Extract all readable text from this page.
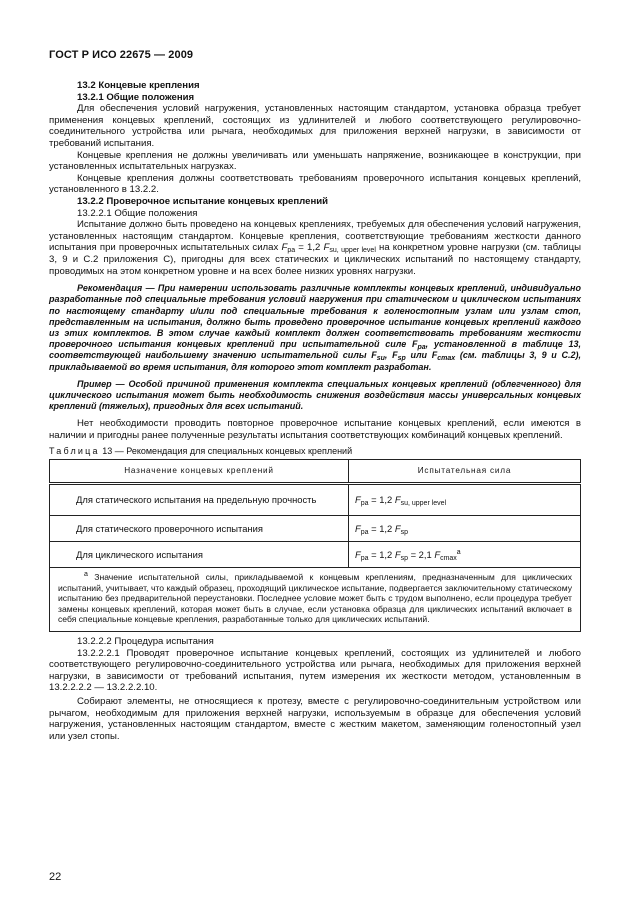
ГОСТ Р ИСО 22675 — 2009

13.2 Концевые крепления

13.2.1 Общие положения

Для обеспечения условий нагружения, установленных настоящим стандартом, установка образца требует применения концевых креплений, состоящих из удлинителей и любого соответствующего регулировочно-соединительного устройства или рычага, необходимых для приложения верхней нагрузки, в зависимости от требований испытания.

Концевые крепления не должны увеличивать или уменьшать напряжение, возникающее в конструкции, при установленных испытательных нагрузках.

Концевые крепления должны соответствовать требованиям проверочного испытания концевых креплений, установленного в 13.2.2.

13.2.2 Проверочное испытание концевых креплений

13.2.2.1 Общие положения

Испытание должно быть проведено на концевых креплениях, требуемых для обеспечения условий нагружения, установленных настоящим стандартом. Концевые крепления, соответствующие требованиям жесткости данного испытания при проверочных испытательных силах $F_{pa} = 1,2$ $F_{su, upper level}$ на конкретном уровне нагрузки (см. таблицы 3, 9 и С.2 приложения С), пригодны для всех статических и циклических испытаний по настоящему стандарту, проводимых на этом конкретном уровне и на всех более низких уровнях нагрузки.

Рекомендация — При намерении использовать различные комплекты концевых креплений, индивидуально разработанные под специальные требования условий нагружения при статическом и циклическом испытаниях по настоящему стандарту и/или под специальные требования к голеностопным узлам или узлам стоп, представленным на испытания, должно быть проведено проверочное испытание концевых креплений каждого из этих комплектов. В этом случае каждый комплект должен соответствовать требованиям жесткости проверочного испытания концевых креплений при испытательной силе $F_{pa}$, установленной в таблице 13, соответствующей наибольшему значению испытательной силы $F_{su}$, $F_{sp}$ или $F_{cmax}$ (см. таблицы 3, 9 и С.2), прикладываемой во время испытания, для которого этот комплект разработан.

Пример — Особой причиной применения комплекта специальных концевых креплений (облегченного) для циклического испытания может быть необходимость снижения воздействия массы универсальных концевых креплений (тяжелых), пригодных для всех испытаний.

Нет необходимости проводить повторное проверочное испытание концевых креплений, если имеются в наличии и пригодны ранее полученные результаты испытания соответствующих комбинаций концевых креплений.

Таблица 13 — Рекомендация для специальных концевых креплений

Назначение концевых креплений	Испытательная сила

Для статического испытания на предельную прочность	$F_{pa} = 1,2$ $F_{su, upper level}$

Для статического проверочного испытания	$F_{pa} = 1,2$ $F_{sp}$

Для циклического испытания	$F_{pa} = 1,2$ $F_{sp} = 2,1$ $F_{cmax}^a$

$^a$ Значение испытательной силы, прикладываемой к концевым креплениям, предназначенным для циклических испытаний, учитывает, что каждый образец, проходящий циклическое испытание, подвергается заключительному статическому испытанию без предварительной переустановки. Последнее условие может быть с трудом выполнено, если процедура требует замены концевых креплений, которая может быть в случае, если установка образца для циклических испытаний включает в себя специальные концевые крепления, разработанные только для циклических испытаний.	

13.2.2.2 Процедура испытания

13.2.2.2.1 Проводят проверочное испытание концевых креплений, состоящих из удлинителей и любого соответствующего регулировочно-соединительного устройства или рычага, необходимых для приложения верхней нагрузки, в зависимости от требований испытания, путем измерения их жесткости методом, установленным в 13.2.2.2.2 — 13.2.2.2.10.

Собирают элементы, не относящиеся к протезу, вместе с регулировочно-соединительным устройством или рычагом, необходимым для приложения верхней нагрузки, используемым в образце для обеспечения условий нагружения, установленных настоящим стандартом, вместе с жестким макетом, заменяющим голеностопный узел или узел стопы.

22
